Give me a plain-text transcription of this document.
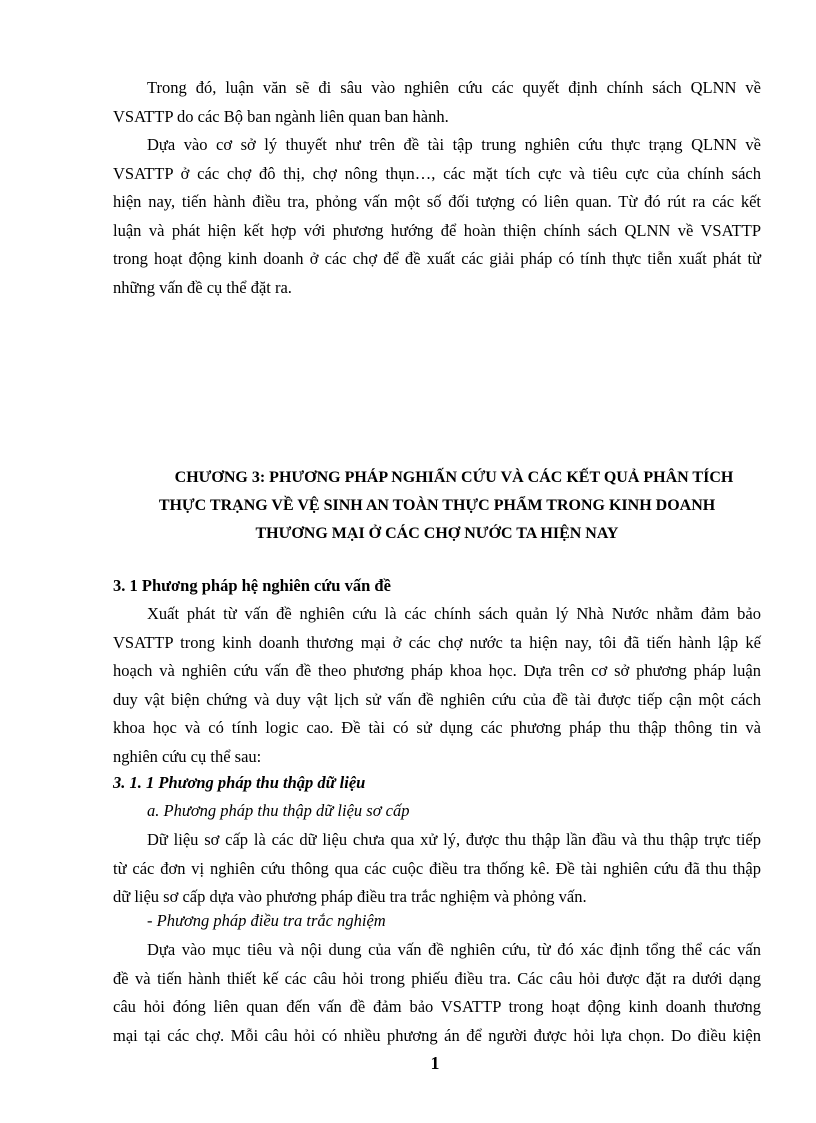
Trong đó, luận văn sẽ đi sâu vào nghiên cứu các quyết định chính sách QLNN về
VSATTP do các Bộ ban ngành liên quan ban hành.
Dựa vào cơ sở lý thuyết như trên đề tài tập trung nghiên cứu thực trạng QLNN về
VSATTP ở các chợ đô thị, chợ nông thụn…, các mặt tích cực và tiêu cực của chính sách
hiện nay, tiến hành điều tra, phỏng vấn một số đối tượng có liên quan. Từ đó rút ra các kết
luận và phát hiện kết hợp với phương hướng để hoàn thiện chính sách QLNN về VSATTP
trong hoạt động kinh doanh ở các chợ để đề xuất các giải pháp có tính thực tiễn xuất phát từ
những vấn đề cụ thể đặt ra.

CHƯƠNG 3: PHƯƠNG PHÁP NGHIẤN CỨU VÀ CÁC KẾT QUẢ PHÂN TÍCH

THỰC TRẠNG VỀ VỆ SINH AN TOÀN THỰC PHẨM TRONG KINH DOANH

THƯƠNG MẠI Ở CÁC CHỢ NƯỚC TA HIỆN NAY

3. 1 Phương pháp hệ nghiên cứu vấn đề

Xuất phát từ vấn đề nghiên cứu là các chính sách quản lý Nhà Nước nhằm đảm bảo
VSATTP trong kinh doanh thương mại ở các chợ nước ta hiện nay, tôi đã tiến hành lập kế
hoạch và nghiên cứu vấn đề theo phương pháp khoa học. Dựa trên cơ sở phương pháp luận
duy vật biện chứng và duy vật lịch sử vấn đề nghiên cứu của đề tài được tiếp cận một cách
khoa học và có tính logic cao. Đề tài có sử dụng các phương pháp thu thập thông tin và
nghiên cứu cụ thể sau:

3. 1. 1 Phương pháp thu thập dữ liệu

a. Phương pháp thu thập dữ liệu sơ cấp

Dữ liệu sơ cấp là các dữ liệu chưa qua xử lý, được thu thập lần đầu và thu thập trực tiếp
từ các đơn vị nghiên cứu thông qua các cuộc điều tra thống kê. Đề tài nghiên cứu đã thu thập
dữ liệu sơ cấp dựa vào phương pháp điều tra trắc nghiệm và phỏng vấn.

- Phương pháp điều tra trắc nghiệm

Dựa vào mục tiêu và nội dung của vấn đề nghiên cứu, từ đó xác định tổng thể các vấn
đề và tiến hành thiết kế các câu hỏi trong phiếu điều tra. Các câu hỏi được đặt ra dưới dạng
câu hỏi đóng liên quan đến vấn đề đảm bảo VSATTP trong hoạt động kinh doanh thương
mại tại các chợ. Mỗi câu hỏi có nhiều phương án để người được hỏi lựa chọn. Do điều kiện

1
